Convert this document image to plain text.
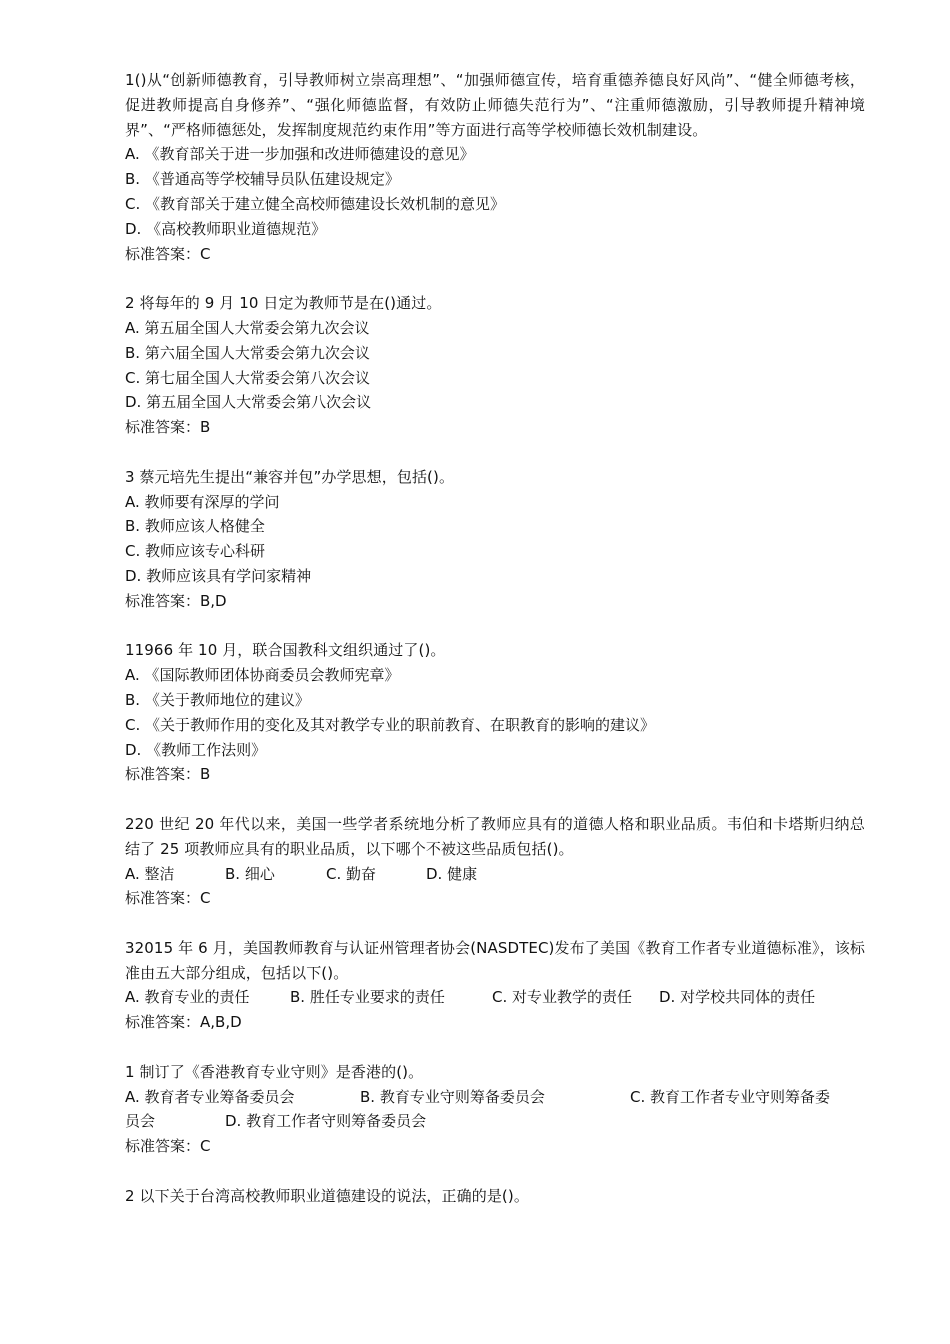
1()从“创新师德教育，引导教师树立崇高理想”、“加强师德宣传，培育重德养德良好风尚”、“健全师德考核，促进教师提高自身修养”、“强化师德监督，有效防止师德失范行为”、“注重师德激励，引导教师提升精神境界”、“严格师德惩处，发挥制度规范约束作用”等方面进行高等学校师德长效机制建设。
A. 《教育部关于进一步加强和改进师德建设的意见》
B. 《普通高等学校辅导员队伍建设规定》
C. 《教育部关于建立健全高校师德建设长效机制的意见》
D. 《高校教师职业道德规范》
标准答案：C
2 将每年的 9 月 10 日定为教师节是在()通过。
A. 第五届全国人大常委会第九次会议
B. 第六届全国人大常委会第九次会议
C. 第七届全国人大常委会第八次会议
D. 第五届全国人大常委会第八次会议
标准答案：B
3 蔡元培先生提出“兼容并包”办学思想，包括()。
A. 教师要有深厚的学问
B. 教师应该人格健全
C. 教师应该专心科研
D. 教师应该具有学问家精神
标准答案：B,D
11966 年 10 月，联合国教科文组织通过了()。
A. 《国际教师团体协商委员会教师宪章》
B. 《关于教师地位的建议》
C. 《关于教师作用的变化及其对教学专业的职前教育、在职教育的影响的建议》
D. 《教师工作法则》
标准答案：B
220 世纪 20 年代以来，美国一些学者系统地分析了教师应具有的道德人格和职业品质。韦伯和卡塔斯归纳总结了 25 项教师应具有的职业品质，以下哪个不被这些品质包括()。
A. 整洁	B. 细心	C. 勤奋	D. 健康
标准答案：C
32015 年 6 月，美国教师教育与认证州管理者协会(NASDTEC)发布了美国《教育工作者专业道德标准》，该标准由五大部分组成，包括以下()。
A. 教育专业的责任	B. 胜任专业要求的责任	C. 对专业教学的责任	D. 对学校共同体的责任
标准答案：A,B,D
1 制订了《香港教育专业守则》是香港的()。
A. 教育者专业筹备委员会	B. 教育专业守则筹备委员会	C. 教育工作者专业守则筹备委
员会	D. 教育工作者守则筹备委员会
标准答案：C
2 以下关于台湾高校教师职业道德建设的说法，正确的是()。
